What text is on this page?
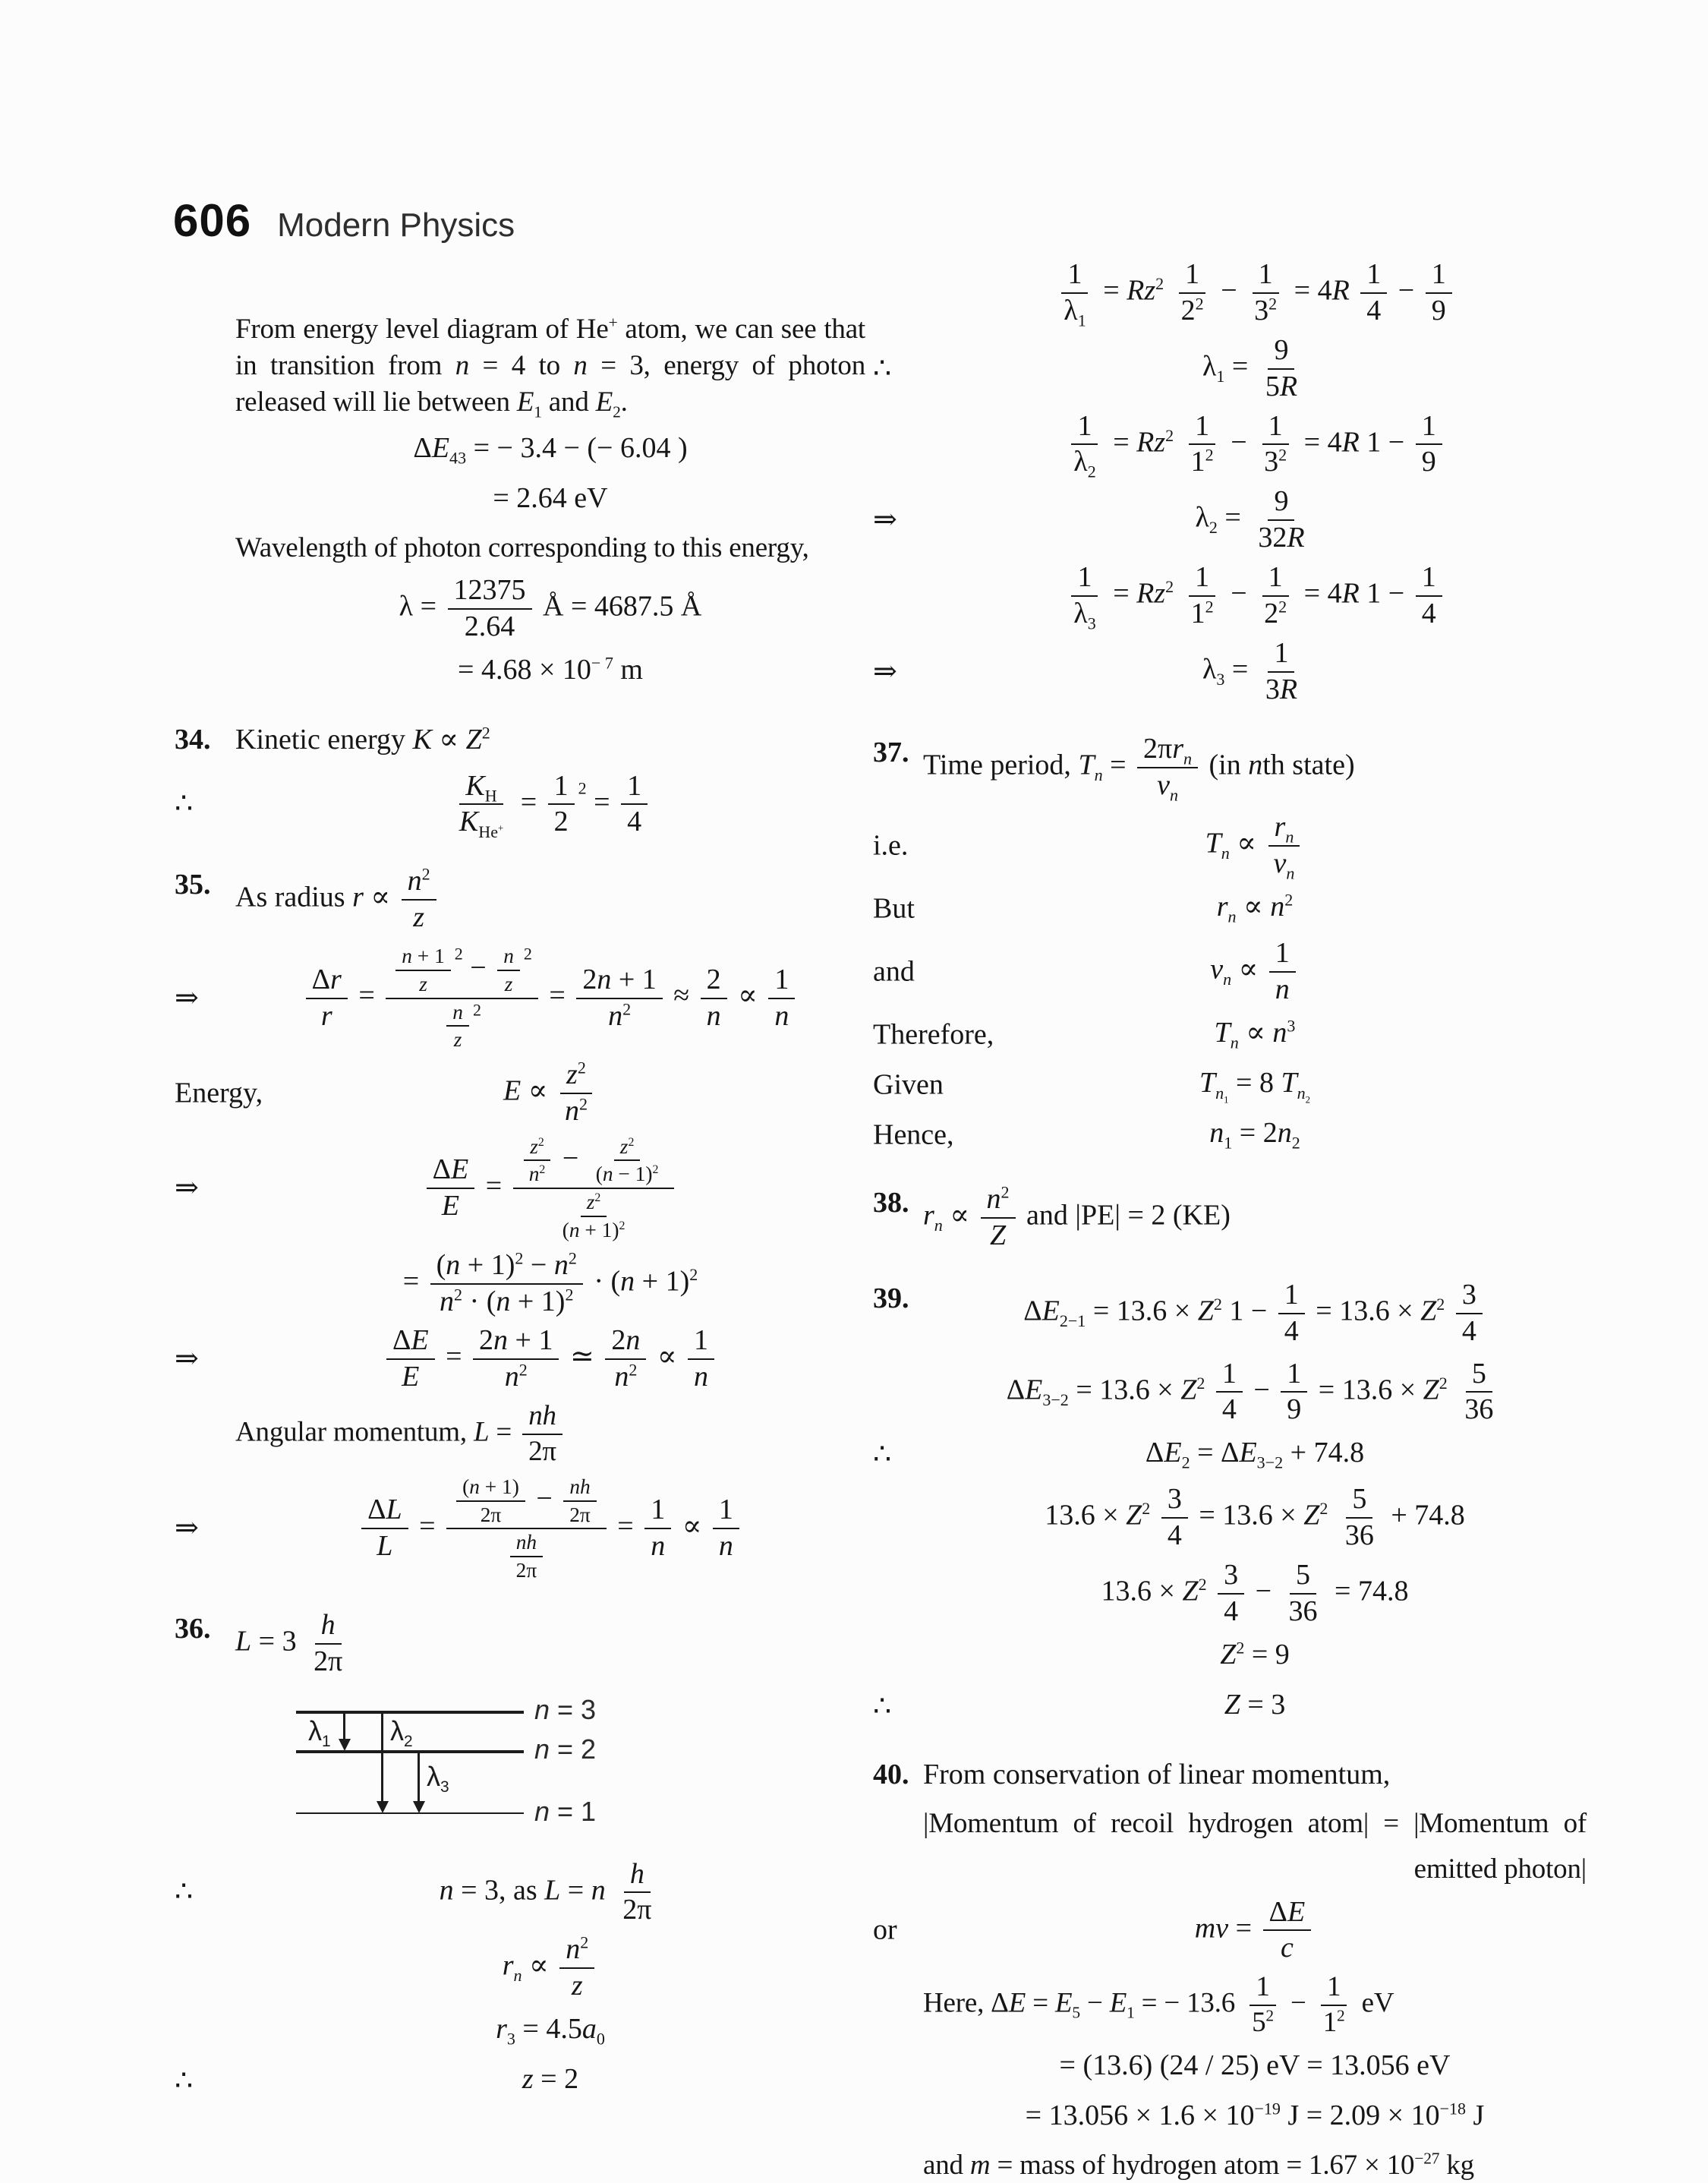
606 Modern Physics
From energy level diagram of He+ atom, we can see that in transition from n = 4 to n = 3, energy of photon released will lie between $E_1$ and $E_2$.
$\Delta E_{43}$ = − 3.4 − (− 6.04 )
= 2.64 eV
Wavelength of photon corresponding to this energy,
$\lambda = \frac{12375}{2.64}$ Å = 4687.5 Å
= $4.68 \times 10^{- 7}$ m
34. Kinetic energy $K \propto Z^2$
∴	$\frac{K_H}{K_{He^+}} = \frac{1}{2} ^2 = \frac{1}{4}$
35. As radius $r \propto \frac{n^2}{z}$
⇒	$\frac{\Delta r}{r} = \frac{\frac{n + 1}{z} ^2 - \frac{n}{z} ^2}{\frac{n}{z} ^2} = \frac{2n + 1}{n^2} \approx \frac{2}{n} \propto \frac{1}{n}$
Energy,	$E \propto \frac{z^2}{n^2}$
⇒	$\frac{\Delta E}{E} = \frac{\frac{z^2}{n^2} - \frac{z^2}{(n - 1)^2}}{\frac{z^2}{(n + 1)^2}}$
= $\frac{(n + 1)^2 - n^2}{n^2 \cdot (n + 1)^2} \cdot (n + 1)^2$
⇒	$\frac{\Delta E}{E} = \frac{2n + 1}{n^2}$ ≃ $\frac{2n}{n^2} \propto \frac{1}{n}$
Angular momentum, $L = \frac{nh}{2\pi}$
⇒	$\frac{\Delta L}{L} = \frac{\frac{(n + 1)}{2\pi} - \frac{nh}{2\pi}}{\frac{nh}{2\pi}} = \frac{1}{n} \propto \frac{1}{n}$
36. $L = 3 \frac{h}{2\pi}$
n = 3
n = 2
n = 1
$\lambda_1$ $\lambda_2$
$\lambda_3$
∴	n = 3, as L = n $\frac{h}{2\pi}$
$r_n \propto \frac{n^2}{z}$
$r_3 = 4.5a_0$
∴	z = 2
$\frac{1}{\lambda_1} = Rz^2 \frac{1}{2^2} - \frac{1}{3^2} = 4R \frac{1}{4} - \frac{1}{9}$
∴	$\lambda_1 = \frac{9}{5R}$
$\frac{1}{\lambda_2} = Rz^2 \frac{1}{1^2} - \frac{1}{3^2} = 4R$ $1 - \frac{1}{9}$
⇒	$\lambda_2 = \frac{9}{32R}$
$\frac{1}{\lambda_3} = Rz^2 \frac{1}{1^2} - \frac{1}{2^2} = 4R$ $1 - \frac{1}{4}$
⇒	$\lambda_3 = \frac{1}{3R}$
37. Time period, $T_n = \frac{2\pi r_n}{v_n} (in$ nth state)
i.e.	$T_n \propto \frac{r_n}{v_n}$
But	$r_n \propto n^2$
and	$v_n \propto \frac{1}{n}$
Therefore,	$T_n \propto n^3$
Given	$T_{n_1} = 8$ $T_{n_2}$
Hence,	$n_1 = 2n_2$
38. $r_n \propto \frac{n^2}{Z}$ and |PE| = 2 (KE)
39.	$\Delta E_{2-1} = 13.6 \times Z^2$ $1 - \frac{1}{4} = 13.6 \times Z^2 \frac{3}{4}$
$\Delta E_{3-2} = 13.6 \times Z^2 \frac{1}{4} - \frac{1}{9} = 13.6 \times Z^2 \frac{5}{36}$
∴	$\Delta E_2 = \Delta E_{3-2} + 74.8$
$13.6 \times Z^2 \frac{3}{4} = 13.6 \times Z^2 \frac{5}{36} + 74.8$
$13.6 \times Z^2 \frac{3}{4} - \frac{5}{36} = 74.8$
$Z^2 = 9$
∴	Z = 3
40. From conservation of linear momentum,
|Momentum of recoil hydrogen atom| = |Momentum of
emitted photon|
or	mv = $\frac{\Delta E}{c}$
Here, $\Delta E = E_5 - E_1$ = − $13.6 \frac{1}{5^2} - \frac{1}{1^2}$ eV
= (13.6) (24 / 25) eV = 13.056 eV
= $13.056 \times 1.6 \times 10^{-19}$ $J = 2.09 \times 10^{-18}$ J
and m = mass of hydrogen atom = $1.67 \times 10^{-27}$ kg
